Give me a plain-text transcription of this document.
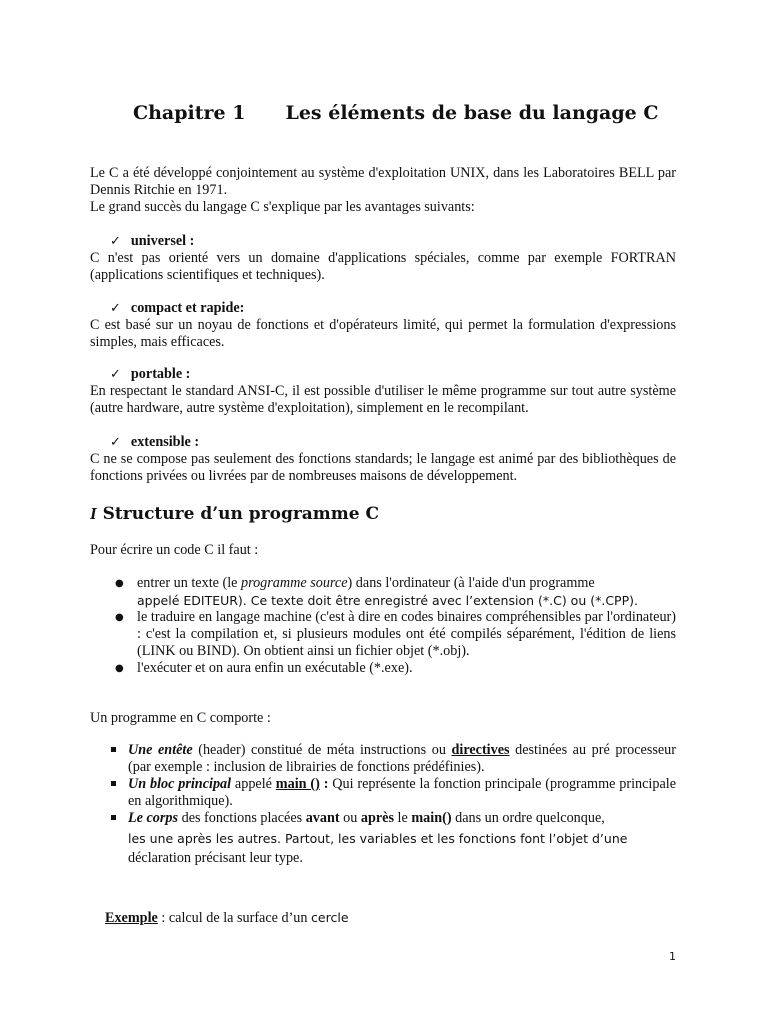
Chapitre 1 Les éléments de base du langage C
Le C a été développé conjointement au système d'exploitation UNIX, dans les Laboratoires BELL par Dennis Ritchie en 1971.
Le grand succès du langage C s'explique par les avantages suivants:
✓ universel :
C n'est pas orienté vers un domaine d'applications spéciales, comme par exemple FORTRAN (applications scientifiques et techniques).
✓ compact et rapide:
C est basé sur un noyau de fonctions et d'opérateurs limité, qui permet la formulation d'expressions simples, mais efficaces.
✓ portable :
En respectant le standard ANSI-C, il est possible d'utiliser le même programme sur tout autre système (autre hardware, autre système d'exploitation), simplement en le recompilant.
✓ extensible :
C ne se compose pas seulement des fonctions standards; le langage est animé par des bibliothèques de fonctions privées ou livrées par de nombreuses maisons de développement.
I Structure d’un programme C
Pour écrire un code C il faut :
● entrer un texte (le programme source) dans l'ordinateur (à l'aide d'un programme
appelé EDITEUR). Ce texte doit être enregistré avec l’extension (*.C) ou (*.CPP).
● le traduire en langage machine (c'est à dire en codes binaires compréhensibles par l'ordinateur) : c'est la compilation et, si plusieurs modules ont été compilés séparément, l'édition de liens (LINK ou BIND). On obtient ainsi un fichier objet (*.obj).
● l'exécuter et on aura enfin un exécutable (*.exe).
Un programme en C comporte :
Une entête (header) constitué de méta instructions ou directives destinées au pré processeur (par exemple : inclusion de librairies de fonctions prédéfinies).
Un bloc principal appelé main () : Qui représente la fonction principale (programme principale en algorithmique).
Le corps des fonctions placées avant ou après le main() dans un ordre quelconque,
les une après les autres. Partout, les variables et les fonctions font l’objet d’une
déclaration précisant leur type.
Exemple : calcul de la surface d’un cercle
1
